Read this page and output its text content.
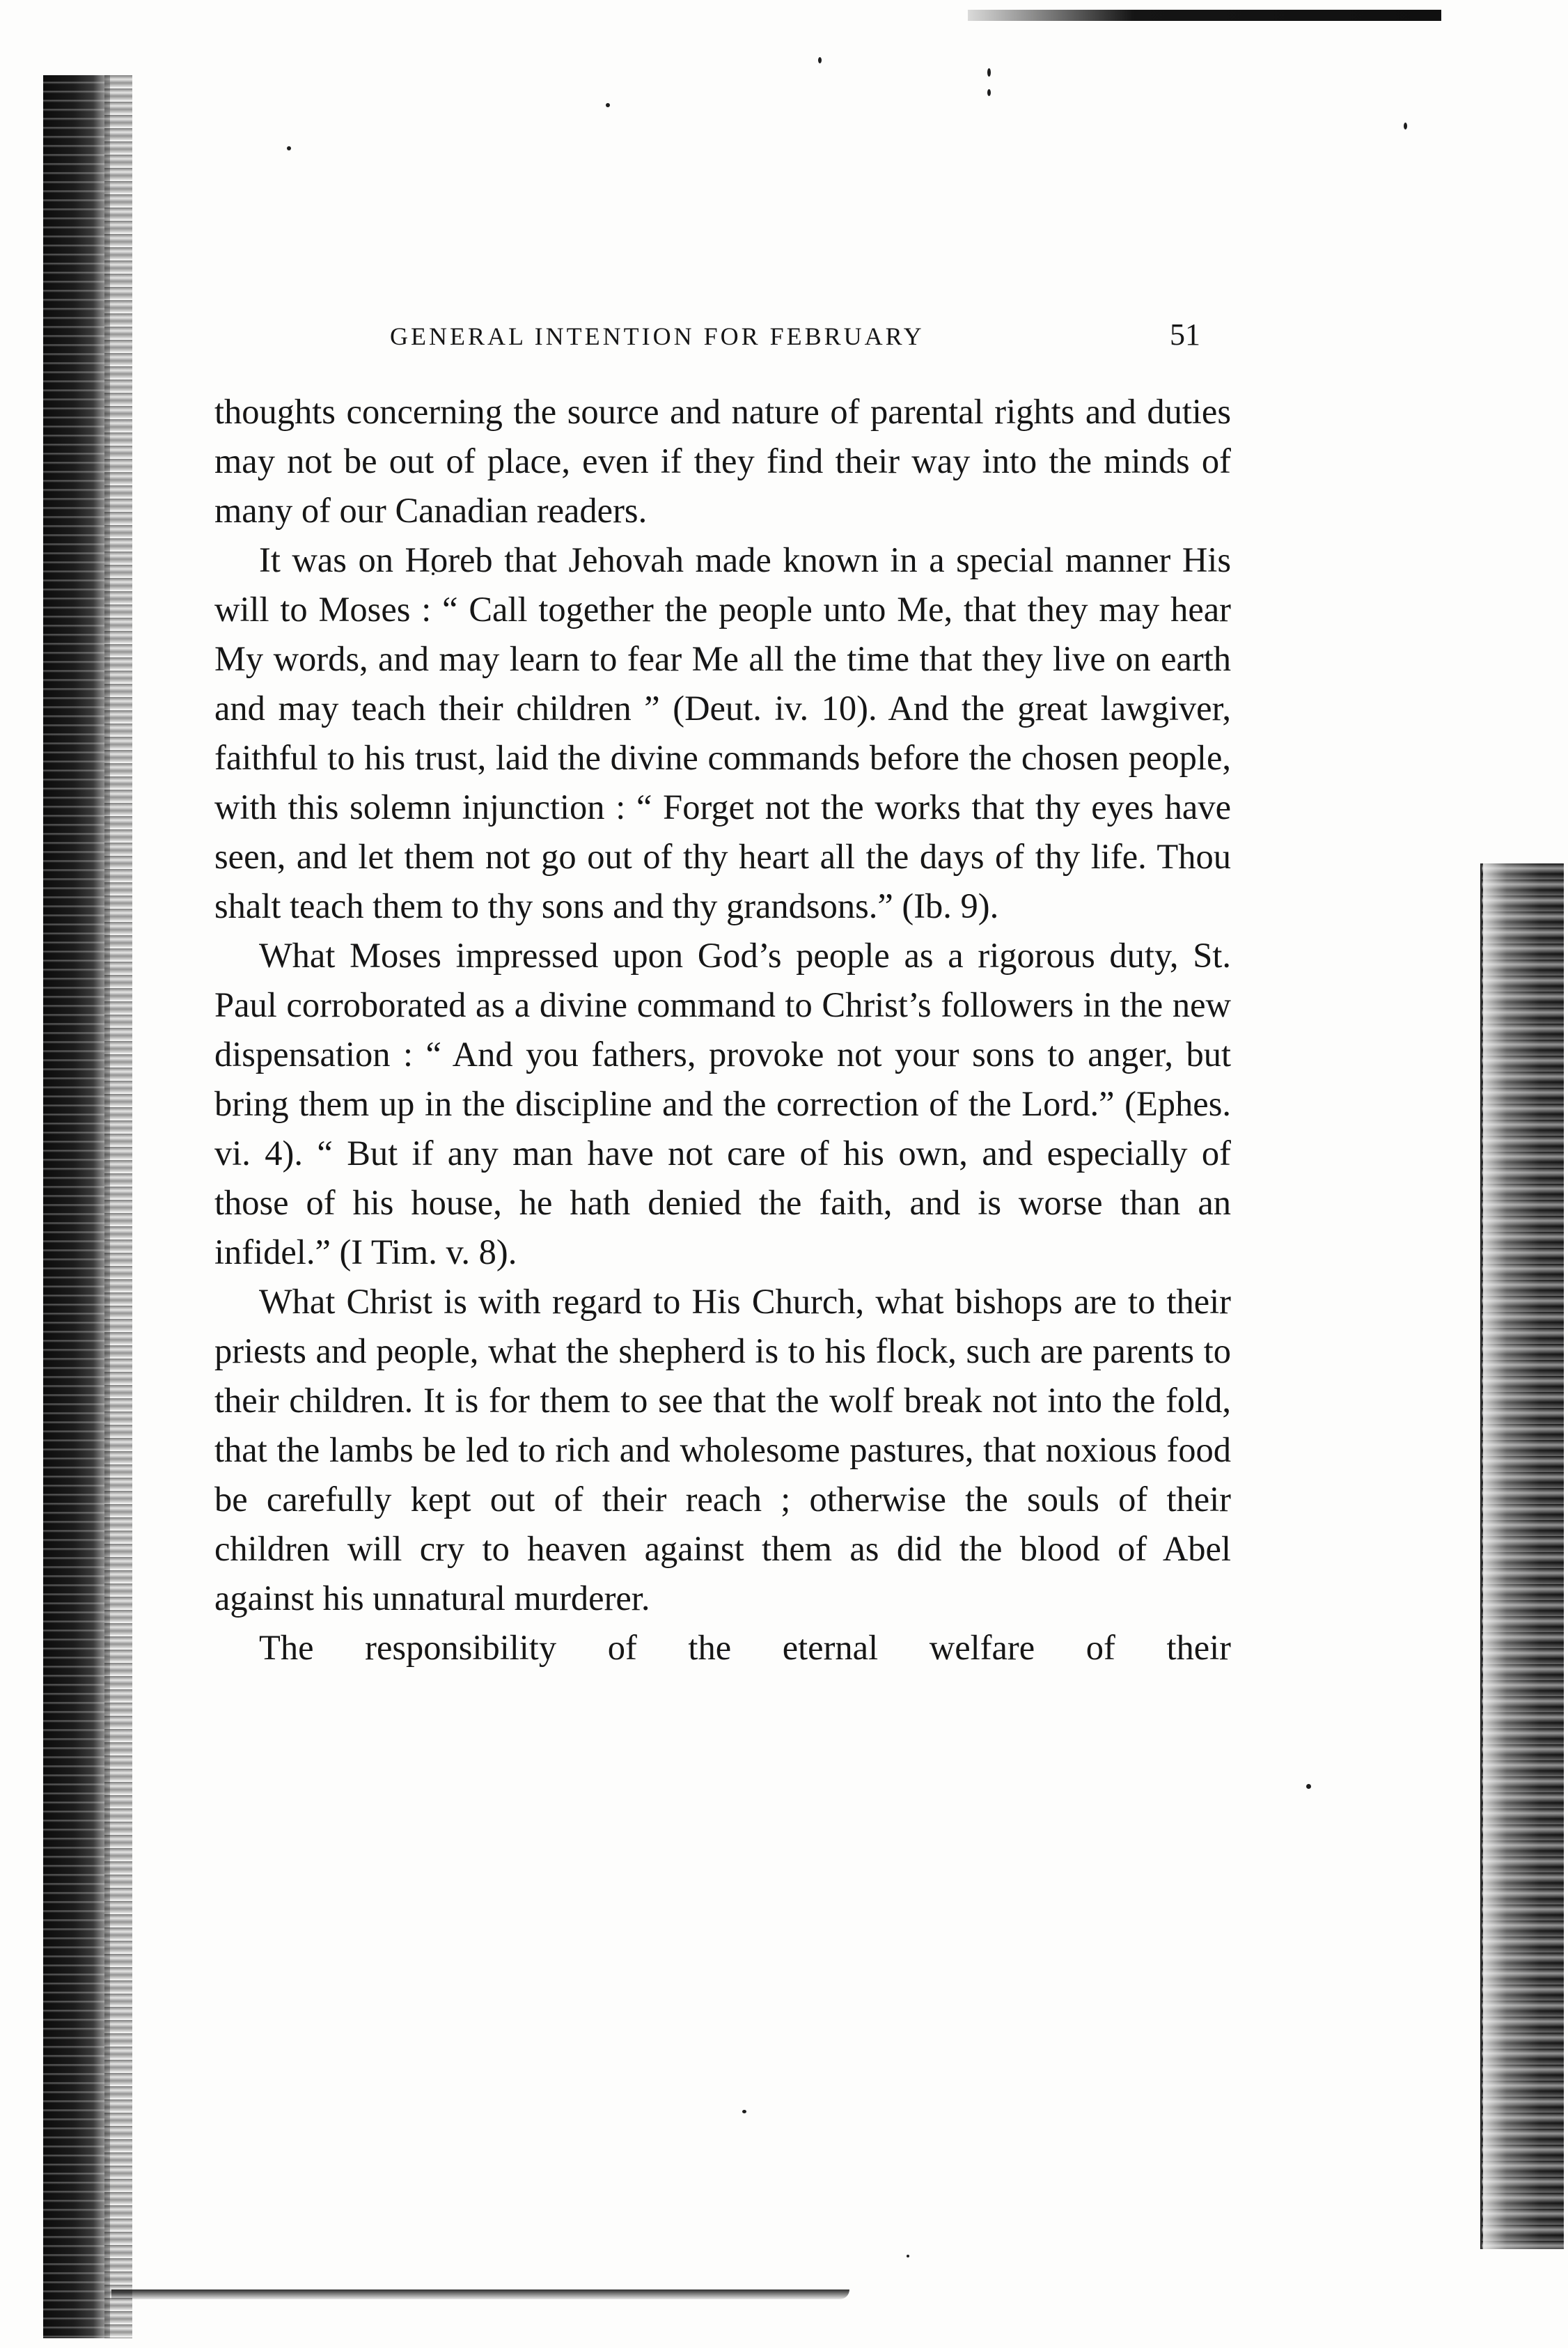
GENERAL INTENTION FOR FEBRUARY	51

thoughts concerning the source and nature of parental rights and duties may not be out of place, even if they find their way into the minds of many of our Canadian readers.

It was on Horeb that Jehovah made known in a special manner His will to Moses : “ Call together the people unto Me, that they may hear My words, and may learn to fear Me all the time that they live on earth and may teach their children ” (Deut. iv. 10). And the great lawgiver, faithful to his trust, laid the divine commands before the chosen people, with this solemn injunction : “ Forget not the works that thy eyes have seen, and let them not go out of thy heart all the days of thy life. Thou shalt teach them to thy sons and thy grandsons.” (Ib. 9).

What Moses impressed upon God’s people as a rigorous duty, St. Paul corroborated as a divine command to Christ’s followers in the new dispensation : “ And you fathers, provoke not your sons to anger, but bring them up in the discipline and the correction of the Lord.” (Ephes. vi. 4). “ But if any man have not care of his own, and especially of those of his house, he hath denied the faith, and is worse than an infidel.” (I Tim. v. 8).

What Christ is with regard to His Church, what bishops are to their priests and people, what the shepherd is to his flock, such are parents to their children. It is for them to see that the wolf break not into the fold, that the lambs be led to rich and wholesome pastures, that noxious food be carefully kept out of their reach ; otherwise the souls of their children will cry to heaven against them as did the blood of Abel against his unnatural murderer.

The responsibility of the eternal welfare of their
